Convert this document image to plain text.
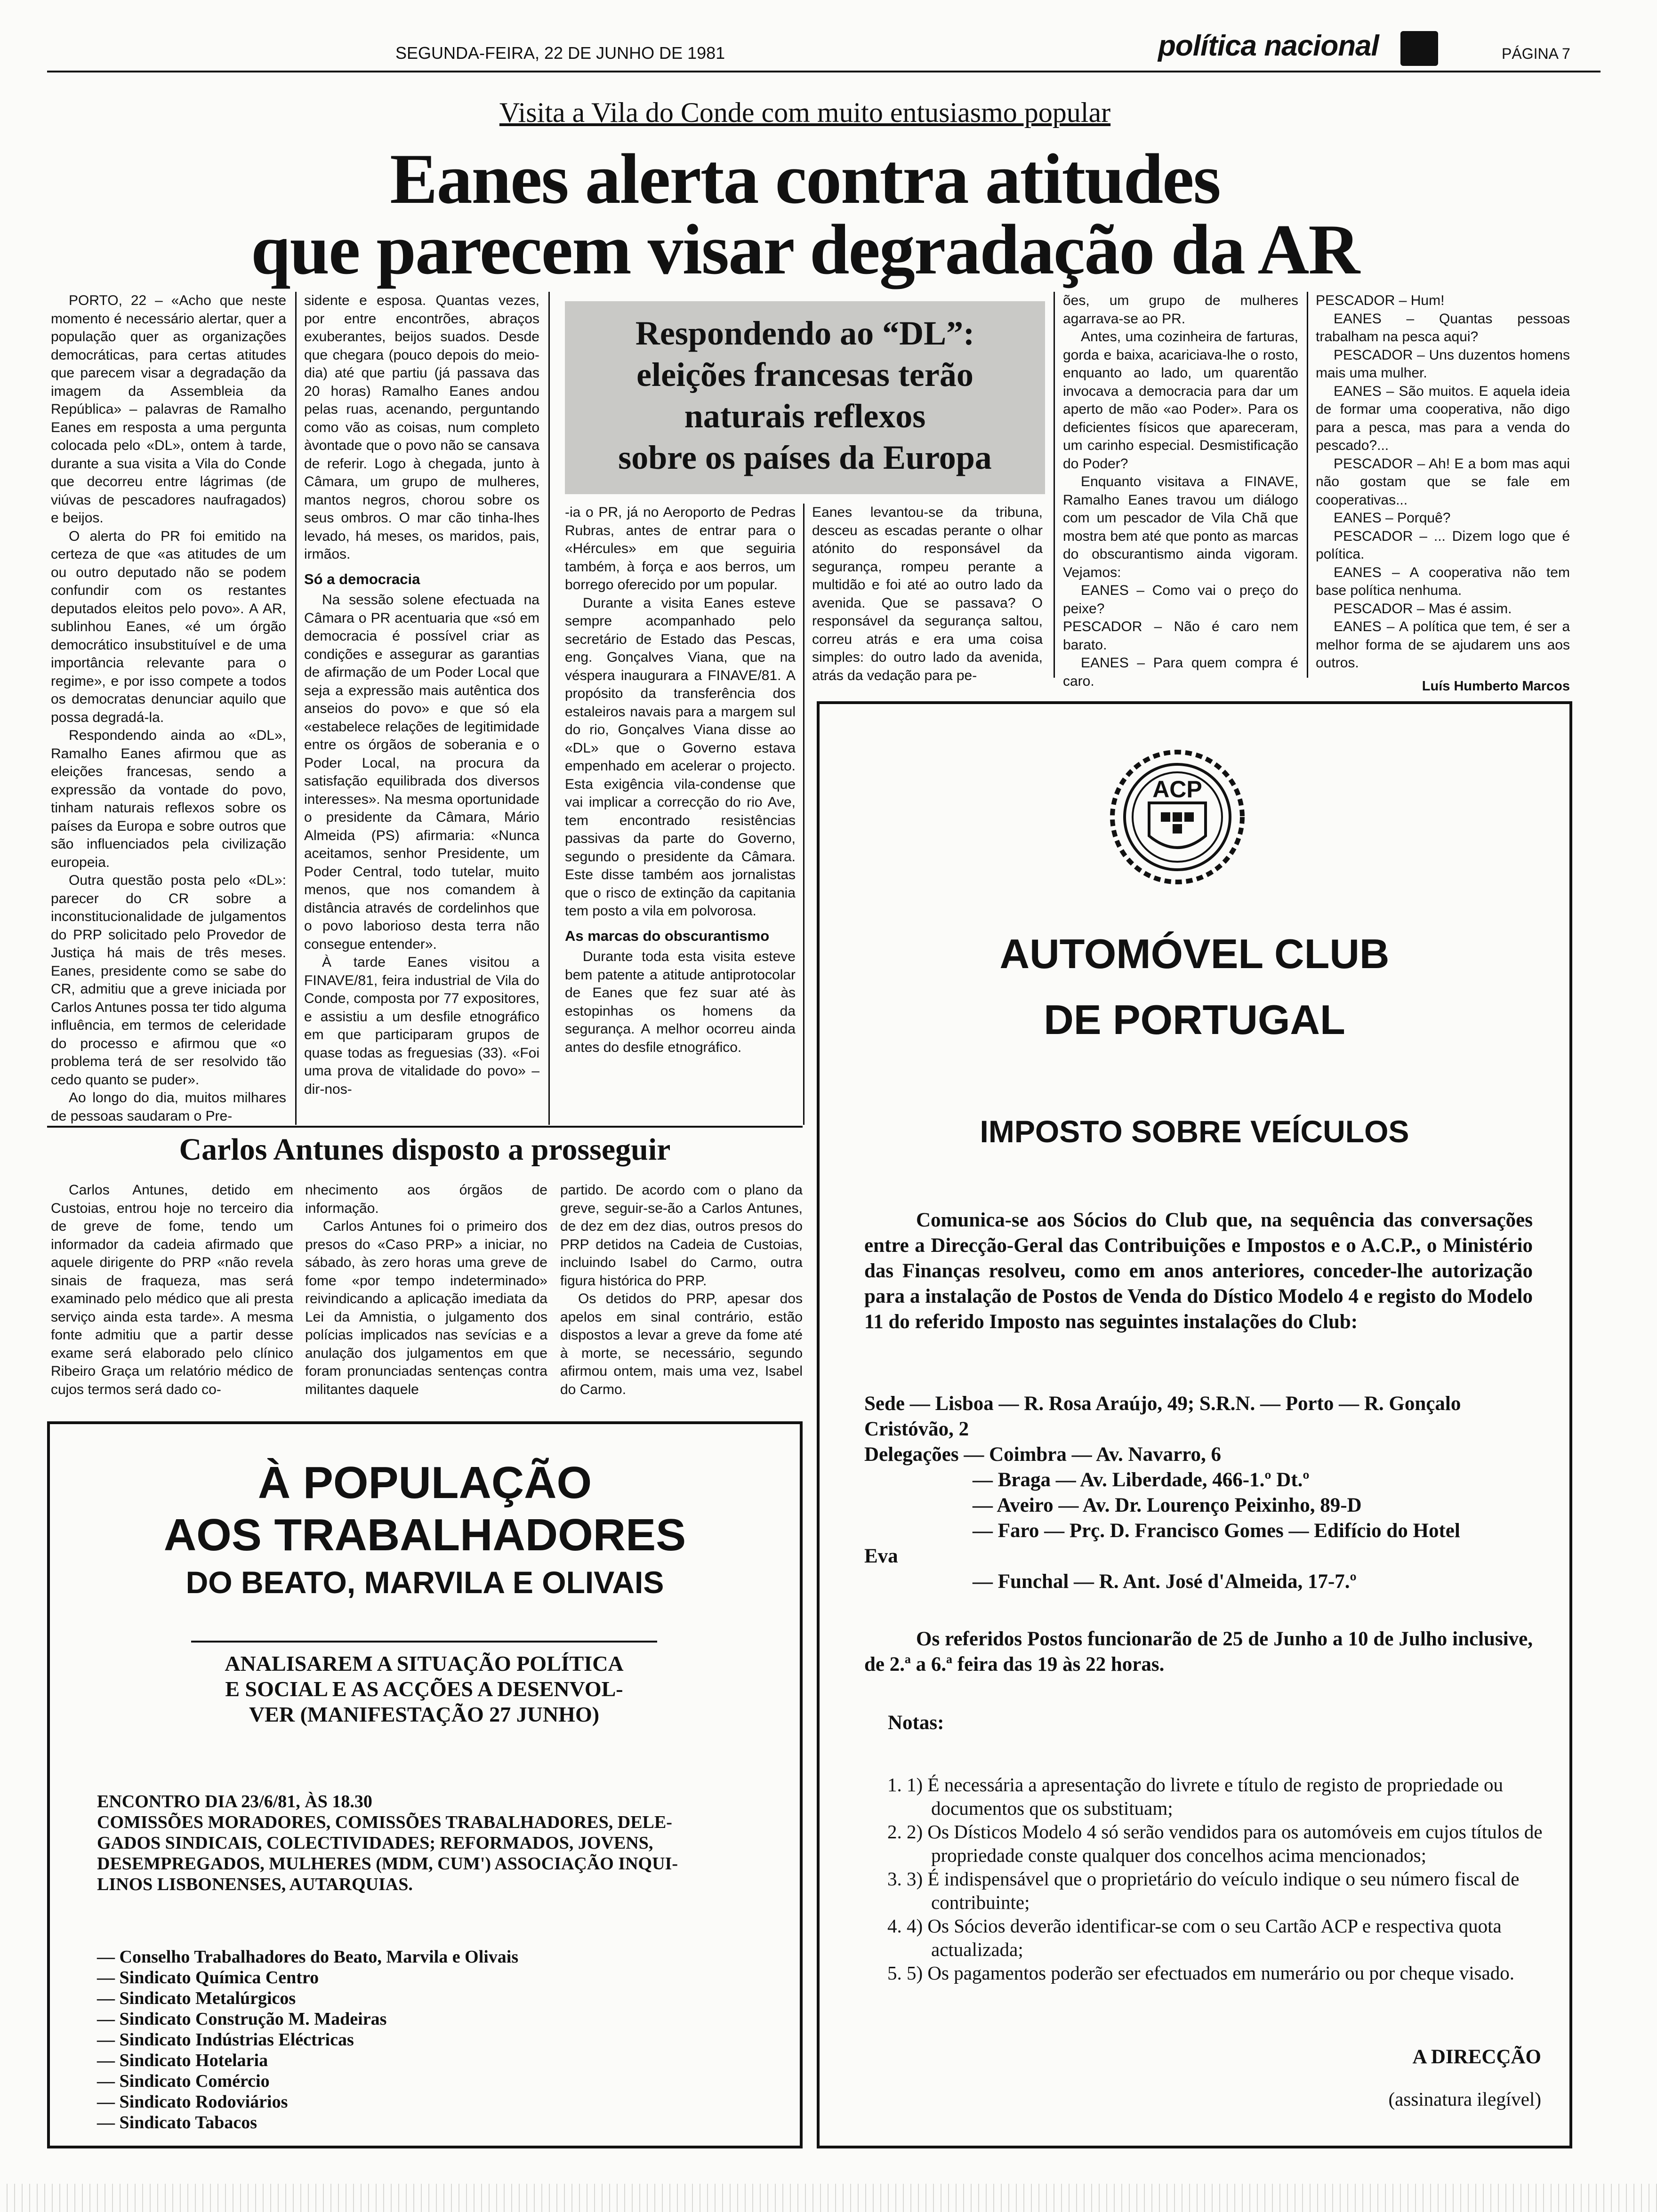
SEGUNDA-FEIRA, 22 DE JUNHO DE 1981	política nacional	PÁGINA 7
Visita a Vila do Conde com muito entusiasmo popular
Eanes alerta contra atitudes
que parecem visar degradação da AR

PORTO, 22 – «Acho que neste momento é necessário alertar, quer a população quer as organizações democráticas, para certas atitudes que parecem visar a degradação da imagem da Assembleia da República» – palavras de Ramalho Eanes em resposta a uma pergunta colocada pelo «DL», ontem à tarde, durante a sua visita a Vila do Conde que decorreu entre lágrimas (de viúvas de pescadores naufragados) e beijos.

O alerta do PR foi emitido na certeza de que «as atitudes de um ou outro deputado não se podem confundir com os restantes deputados eleitos pelo povo». A AR, sublinhou Eanes, «é um órgão democrático insubstituível e de uma importância relevante para o regime», e por isso compete a todos os democratas denunciar aquilo que possa degradá-la.

Respondendo ainda ao «DL», Ramalho Eanes afirmou que as eleições francesas, sendo a expressão da vontade do povo, tinham naturais reflexos sobre os países da Europa e sobre outros que são influenciados pela civilização europeia.

Outra questão posta pelo «DL»: parecer do CR sobre a inconstitucionalidade de julgamentos do PRP solicitado pelo Provedor de Justiça há mais de três meses. Eanes, presidente como se sabe do CR, admitiu que a greve iniciada por Carlos Antunes possa ter tido alguma influência, em termos de celeridade do processo e afirmou que «o problema terá de ser resolvido tão cedo quanto se puder».

Ao longo do dia, muitos milhares de pessoas saudaram o Pre-

sidente e esposa. Quantas vezes, por entre encontrões, abraços exuberantes, beijos suados. Desde que chegara (pouco depois do meio-dia) até que partiu (já passava das 20 horas) Ramalho Eanes andou pelas ruas, acenando, perguntando como vão as coisas, num completo àvontade que o povo não se cansava de referir. Logo à chegada, junto à Câmara, um grupo de mulheres, mantos negros, chorou sobre os seus ombros. O mar cão tinha-lhes levado, há meses, os maridos, pais, irmãos.

Só a democracia

Na sessão solene efectuada na Câmara o PR acentuaria que «só em democracia é possível criar as condições e assegurar as garantias de afirmação de um Poder Local que seja a expressão mais autêntica dos anseios do povo» e que só ela «estabelece relações de legitimidade entre os órgãos de soberania e o Poder Local, na procura da satisfação equilibrada dos diversos interesses». Na mesma oportunidade o presidente da Câmara, Mário Almeida (PS) afirmaria: «Nunca aceitamos, senhor Presidente, um Poder Central, todo tutelar, muito menos, que nos comandem à distância através de cordelinhos que o povo laborioso desta terra não consegue entender».

À tarde Eanes visitou a FINAVE/81, feira industrial de Vila do Conde, composta por 77 expositores, e assistiu a um desfile etnográfico em que participaram grupos de quase todas as freguesias (33). «Foi uma prova de vitalidade do povo» – dir-nos-

Respondendo ao “DL”:
eleições francesas terão
naturais reflexos
sobre os países da Europa

-ia o PR, já no Aeroporto de Pedras Rubras, antes de entrar para o «Hércules» em que seguiria também, à força e aos berros, um borrego oferecido por um popular.

Durante a visita Eanes esteve sempre acompanhado pelo secretário de Estado das Pescas, eng. Gonçalves Viana, que na véspera inaugurara a FINAVE/81. A propósito da transferência dos estaleiros navais para a margem sul do rio, Gonçalves Viana disse ao «DL» que o Governo estava empenhado em acelerar o projecto. Esta exigência vila-condense que vai implicar a correcção do rio Ave, tem encontrado resistências passivas da parte do Governo, segundo o presidente da Câmara. Este disse também aos jornalistas que o risco de extinção da capitania tem posto a vila em polvorosa.

As marcas do obscurantismo

Durante toda esta visita esteve bem patente a atitude antiprotocolar de Eanes que fez suar até às estopinhas os homens da segurança. A melhor ocorreu ainda antes do desfile etnográfico.

Eanes levantou-se da tribuna, desceu as escadas perante o olhar atónito do responsável da segurança, rompeu perante a multidão e foi até ao outro lado da avenida. Que se passava? O responsável da segurança saltou, correu atrás e era uma coisa simples: do outro lado da avenida, atrás da vedação para pe-

ões, um grupo de mulheres agarrava-se ao PR.

Antes, uma cozinheira de farturas, gorda e baixa, acariciava-lhe o rosto, enquanto ao lado, um quarentão invocava a democracia para dar um aperto de mão «ao Poder». Para os deficientes físicos que apareceram, um carinho especial. Desmistificação do Poder?

Enquanto visitava a FINAVE, Ramalho Eanes travou um diálogo com um pescador de Vila Chã que mostra bem até que ponto as marcas do obscurantismo ainda vigoram. Vejamos:

EANES – Como vai o preço do peixe?

PESCADOR – Não é caro nem barato.

EANES – Para quem compra é caro.

PESCADOR – Hum!

EANES – Quantas pessoas trabalham na pesca aqui?

PESCADOR – Uns duzentos homens mais uma mulher.

EANES – São muitos. E aquela ideia de formar uma cooperativa, não digo para a pesca, mas para a venda do pescado?...

PESCADOR – Ah! E a bom mas aqui não gostam que se fale em cooperativas...

EANES – Porquê?

PESCADOR – ... Dizem logo que é política.

EANES – A cooperativa não tem base política nenhuma.

PESCADOR – Mas é assim.

EANES – A política que tem, é ser a melhor forma de se ajudarem uns aos outros.

Luís Humberto Marcos
Carlos Antunes disposto a prosseguir

Carlos Antunes, detido em Custoias, entrou hoje no terceiro dia de greve de fome, tendo um informador da cadeia afirmado que aquele dirigente do PRP «não revela sinais de fraqueza, mas será examinado pelo médico que ali presta serviço ainda esta tarde». A mesma fonte admitiu que a partir desse exame será elaborado pelo clínico Ribeiro Graça um relatório médico de cujos termos será dado co-

nhecimento aos órgãos de informação.

Carlos Antunes foi o primeiro dos presos do «Caso PRP» a iniciar, no sábado, às zero horas uma greve de fome «por tempo indeterminado» reivindicando a aplicação imediata da Lei da Amnistia, o julgamento dos polícias implicados nas sevícias e a anulação dos julgamentos em que foram pronunciadas sentenças contra militantes daquele

partido. De acordo com o plano da greve, seguir-se-ão a Carlos Antunes, de dez em dez dias, outros presos do PRP detidos na Cadeia de Custoias, incluindo Isabel do Carmo, outra figura histórica do PRP.

Os detidos do PRP, apesar dos apelos em sinal contrário, estão dispostos a levar a greve da fome até à morte, se necessário, segundo afirmou ontem, mais uma vez, Isabel do Carmo.

À POPULAÇÃO
AOS TRABALHADORES
DO BEATO, MARVILA E OLIVAIS
ANALISAREM A SITUAÇÃO POLÍTICA
E SOCIAL E AS ACÇÕES A DESENVOL-
VER (MANIFESTAÇÃO 27 JUNHO)
ENCONTRO DIA 23/6/81, ÀS 18.30
COMISSÕES MORADORES, COMISSÕES TRABALHADORES, DELE-
GADOS SINDICAIS, COLECTIVIDADES; REFORMADOS, JOVENS,
DESEMPREGADOS, MULHERES (MDM, CUM') ASSOCIAÇÃO INQUI-
LINOS LISBONENSES, AUTARQUIAS.
— Conselho Trabalhadores do Beato, Marvila e Olivais
— Sindicato Química Centro
— Sindicato Metalúrgicos
— Sindicato Construção M. Madeiras
— Sindicato Indústrias Eléctricas
— Sindicato Hotelaria
— Sindicato Comércio
— Sindicato Rodoviários
— Sindicato Tabacos
ACP
AUTOMÓVEL CLUB
DE PORTUGAL
IMPOSTO SOBRE VEÍCULOS
Comunica-se aos Sócios do Club que, na sequência das conversações entre a Direcção-Geral das Contribuições e Impostos e o A.C.P., o Ministério das Finanças resolveu, como em anos anteriores, conceder-lhe autorização para a instalação de Postos de Venda do Dístico Modelo 4 e registo do Modelo 11 do referido Imposto nas seguintes instalações do Club:
Sede — Lisboa — R. Rosa Araújo, 49; S.R.N. — Porto — R. Gonçalo Cristóvão, 2
Delegações — Coimbra — Av. Navarro, 6
— Braga — Av. Liberdade, 466-1.º Dt.º
— Aveiro — Av. Dr. Lourenço Peixinho, 89-D
— Faro — Prç. D. Francisco Gomes — Edifício do Hotel
Eva
— Funchal — R. Ant. José d'Almeida, 17-7.º
Os referidos Postos funcionarão de 25 de Junho a 10 de Julho inclusive, de 2.ª a 6.ª feira das 19 às 22 horas.
Notas:
1. 1) É necessária a apresentação do livrete e título de registo de propriedade ou documentos que os substituam;
2. 2) Os Dísticos Modelo 4 só serão vendidos para os automóveis em cujos títulos de propriedade conste qualquer dos concelhos acima mencionados;
3. 3) É indispensável que o proprietário do veículo indique o seu número fiscal de contribuinte;
4. 4) Os Sócios deverão identificar-se com o seu Cartão ACP e respectiva quota actualizada;
5. 5) Os pagamentos poderão ser efectuados em numerário ou por cheque visado.
A DIRECÇÃO
(assinatura ilegível)
